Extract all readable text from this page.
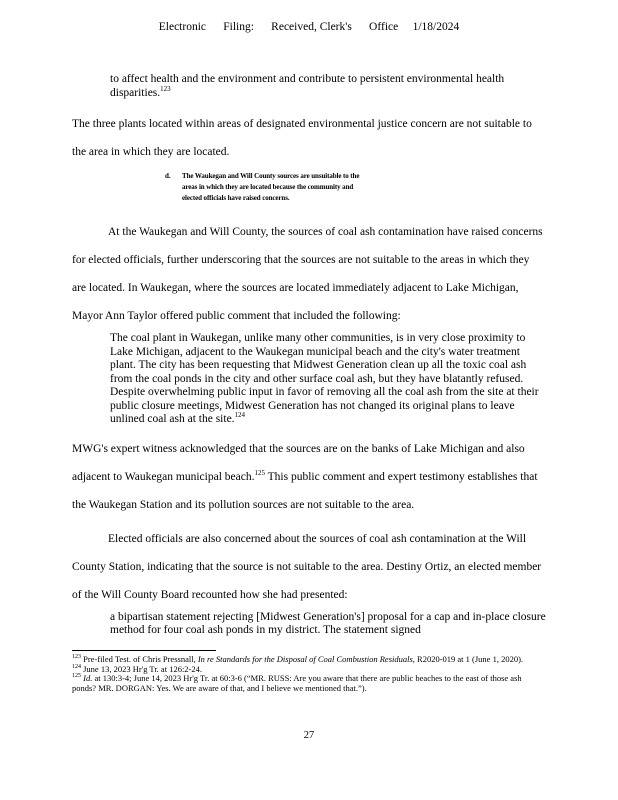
Electronic      Filing:      Received, Clerk's      Office     1/18/2024

to affect health and the environment and contribute to persistent environmental health disparities.$^{123}$

The three plants located within areas of designated environmental justice concern are not suitable to the area in which they are located.

d.	The Waukegan and Will County sources are unsuitable to the areas in which they are located because the community and elected officials have raised concerns.

At the Waukegan and Will County, the sources of coal ash contamination have raised concerns for elected officials, further underscoring that the sources are not suitable to the areas in which they are located. In Waukegan, where the sources are located immediately adjacent to Lake Michigan, Mayor Ann Taylor offered public comment that included the following:

The coal plant in Waukegan, unlike many other communities, is in very close proximity to Lake Michigan, adjacent to the Waukegan municipal beach and the city's water treatment plant. The city has been requesting that Midwest Generation clean up all the toxic coal ash from the coal ponds in the city and other surface coal ash, but they have blatantly refused. Despite overwhelming public input in favor of removing all the coal ash from the site at their public closure meetings, Midwest Generation has not changed its original plans to leave unlined coal ash at the site.$^{124}$

MWG's expert witness acknowledged that the sources are on the banks of Lake Michigan and also adjacent to Waukegan municipal beach.$^{125}$ This public comment and expert testimony establishes that the Waukegan Station and its pollution sources are not suitable to the area.

Elected officials are also concerned about the sources of coal ash contamination at the Will County Station, indicating that the source is not suitable to the area. Destiny Ortiz, an elected member of the Will County Board recounted how she had presented:

a bipartisan statement rejecting [Midwest Generation's] proposal for a cap and in-place closure method for four coal ash ponds in my district. The statement signed

$^{123}$ Pre-filed Test. of Chris Pressnall, In re Standards for the Disposal of Coal Combustion Residuals, R2020-019 at 1 (June 1, 2020).

$^{124}$ June 13, 2023 Hr'g Tr. at 126:2-24.

$^{125}$ Id. at 130:3-4; June 14, 2023 Hr'g Tr. at 60:3-6 (“MR. RUSS: Are you aware that there are public beaches to the east of those ash ponds? MR. DORGAN: Yes. We are aware of that, and I believe we mentioned that.”).

27
